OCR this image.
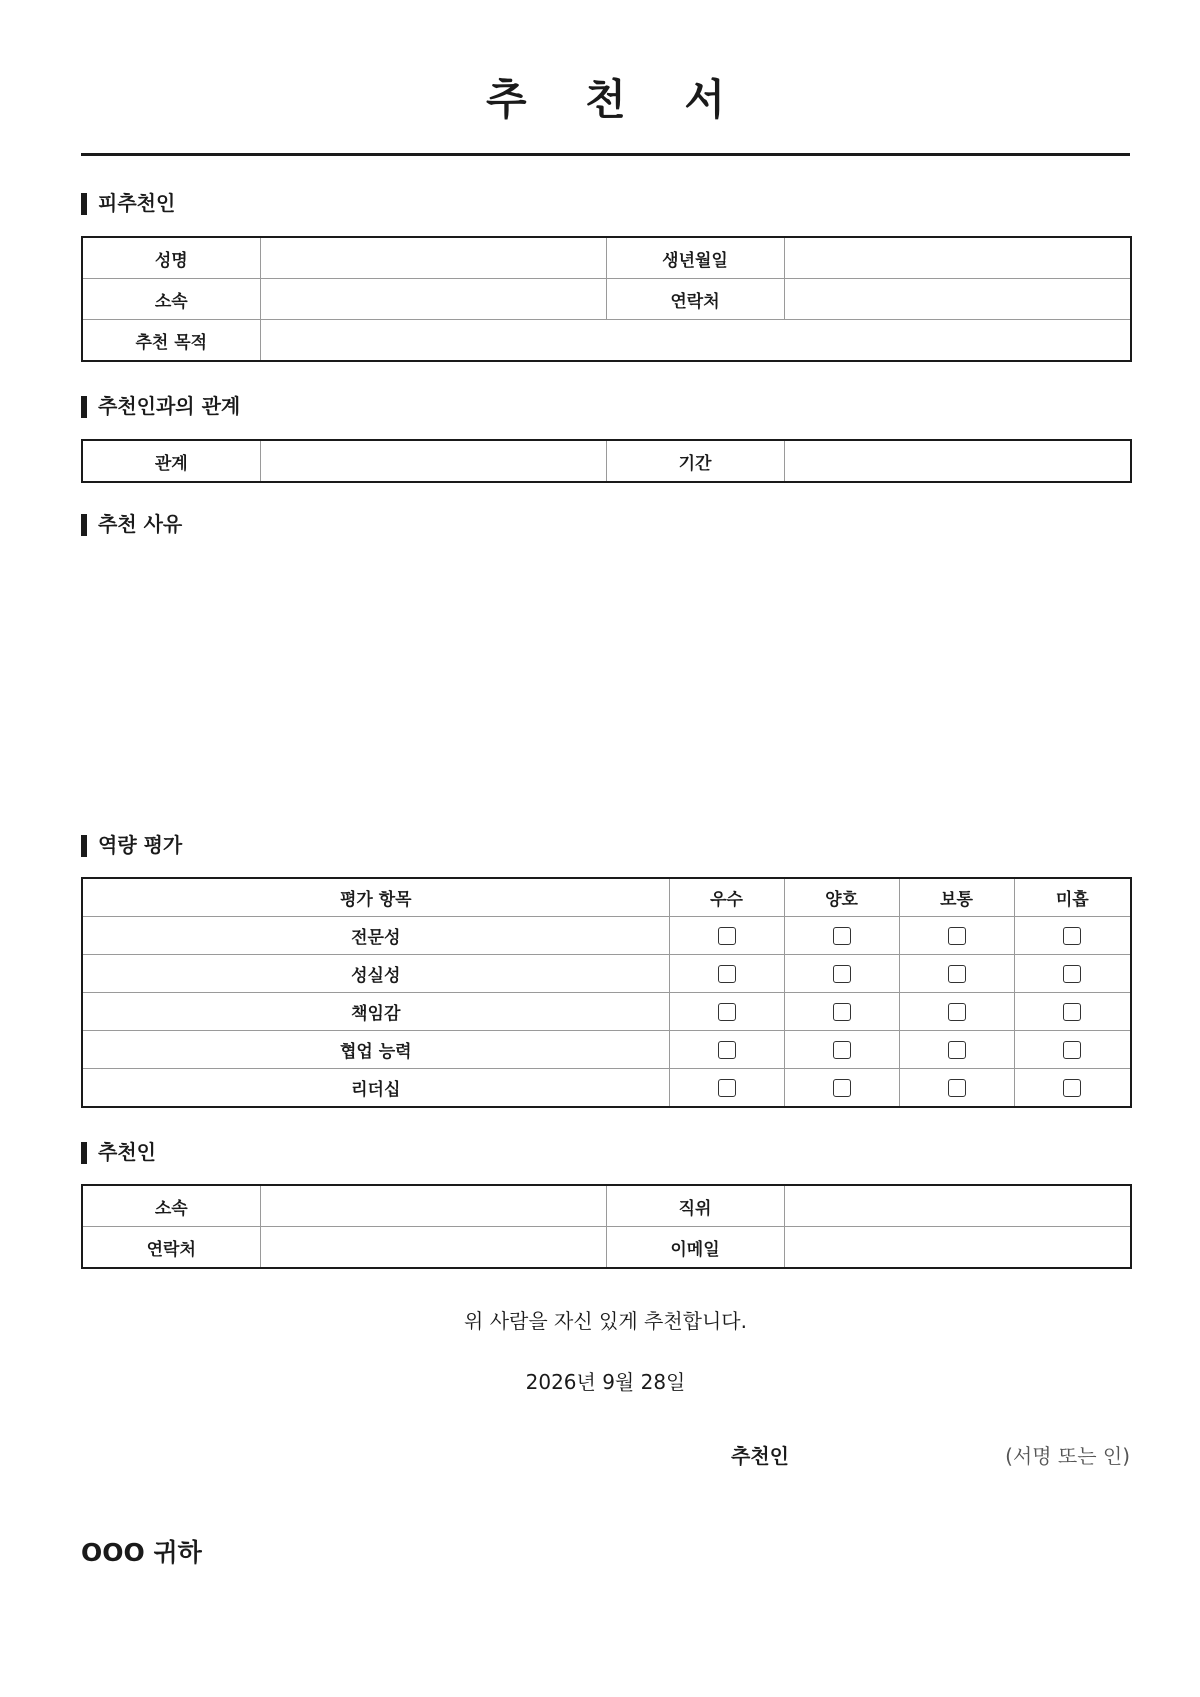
추 천 서
피추천인
성명		생년월일	
소속		연락처	
추천 목적			
추천인과의 관계
관계		기간	
추천 사유
역량 평가
평가 항목	우수	양호	보통	미흡
전문성				
성실성				
책임감				
협업 능력				
리더십				
추천인
소속		직위	
연락처		이메일	
위 사람을 자신 있게 추천합니다.
2026년 9월 28일
추천인	(서명 또는 인)
OOO 귀하
